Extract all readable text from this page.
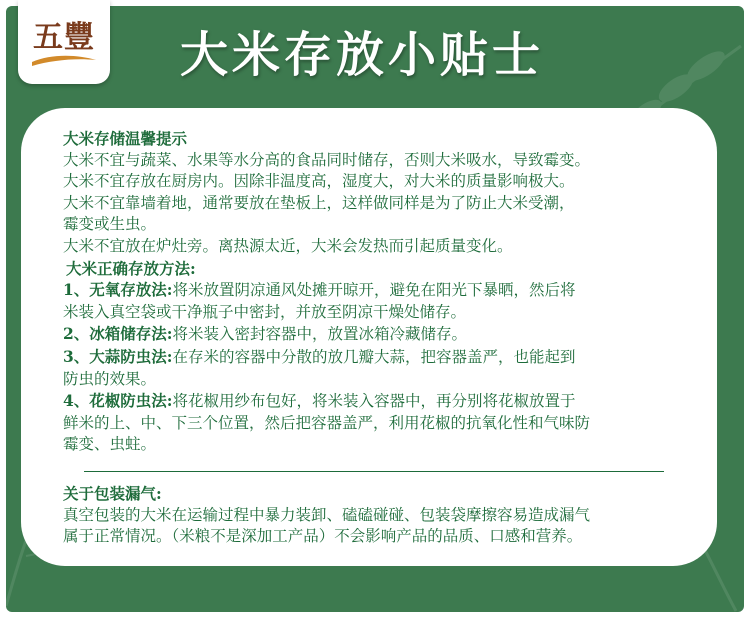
五豐	大米存放小贴士
大米存储温馨提示
大米不宜与蔬菜、水果等水分高的食品同时储存，否则大米吸水，导致霉变。
大米不宜存放在厨房内。因除非温度高，湿度大，对大米的质量影响极大。
大米不宜靠墙着地，通常要放在垫板上，这样做同样是为了防止大米受潮，
霉变或生虫。
大米不宜放在炉灶旁。离热源太近，大米会发热而引起质量变化。
大米正确存放方法:
1、无氧存放法:将米放置阴凉通风处摊开晾开，避免在阳光下暴晒，然后将
米装入真空袋或干净瓶子中密封，并放至阴凉干燥处储存。
2、冰箱储存法:将米装入密封容器中，放置冰箱冷藏储存。
3、大蒜防虫法:在存米的容器中分散的放几瓣大蒜，把容器盖严，也能起到
防虫的效果。
4、花椒防虫法:将花椒用纱布包好，将米装入容器中，再分别将花椒放置于
鲜米的上、中、下三个位置，然后把容器盖严，利用花椒的抗氧化性和气味防
霉变、虫蛀。
关于包装漏气:
真空包装的大米在运输过程中暴力装卸、磕磕碰碰、包装袋摩擦容易造成漏气
属于正常情况。（米粮不是深加工产品）不会影响产品的品质、口感和营养。
